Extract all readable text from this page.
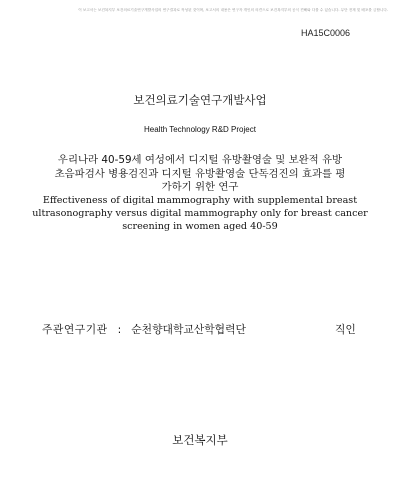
이 보고서는 보건복지부 보건의료기술연구개발사업의 연구결과로 작성된 것이며, 보고서의 내용은 연구자 개인의 의견으로 보건복지부의 공식 견해와 다를 수 있습니다. 무단 전재 및 배포를 금합니다.
HA15C0006
보건의료기술연구개발사업
Health Technology R&D Project
우리나라 40-59세 여성에서 디지털 유방촬영술 및 보완적 유방
초음파검사 병용검진과 디지털 유방촬영술 단독검진의 효과를 평
가하기 위한 연구
Effectiveness of digital mammography with supplemental breast
ultrasonography versus digital mammography only for breast cancer
screening in women aged 40-59
주관연구기관 : 순천향대학교산학협력단	직인
보건복지부
